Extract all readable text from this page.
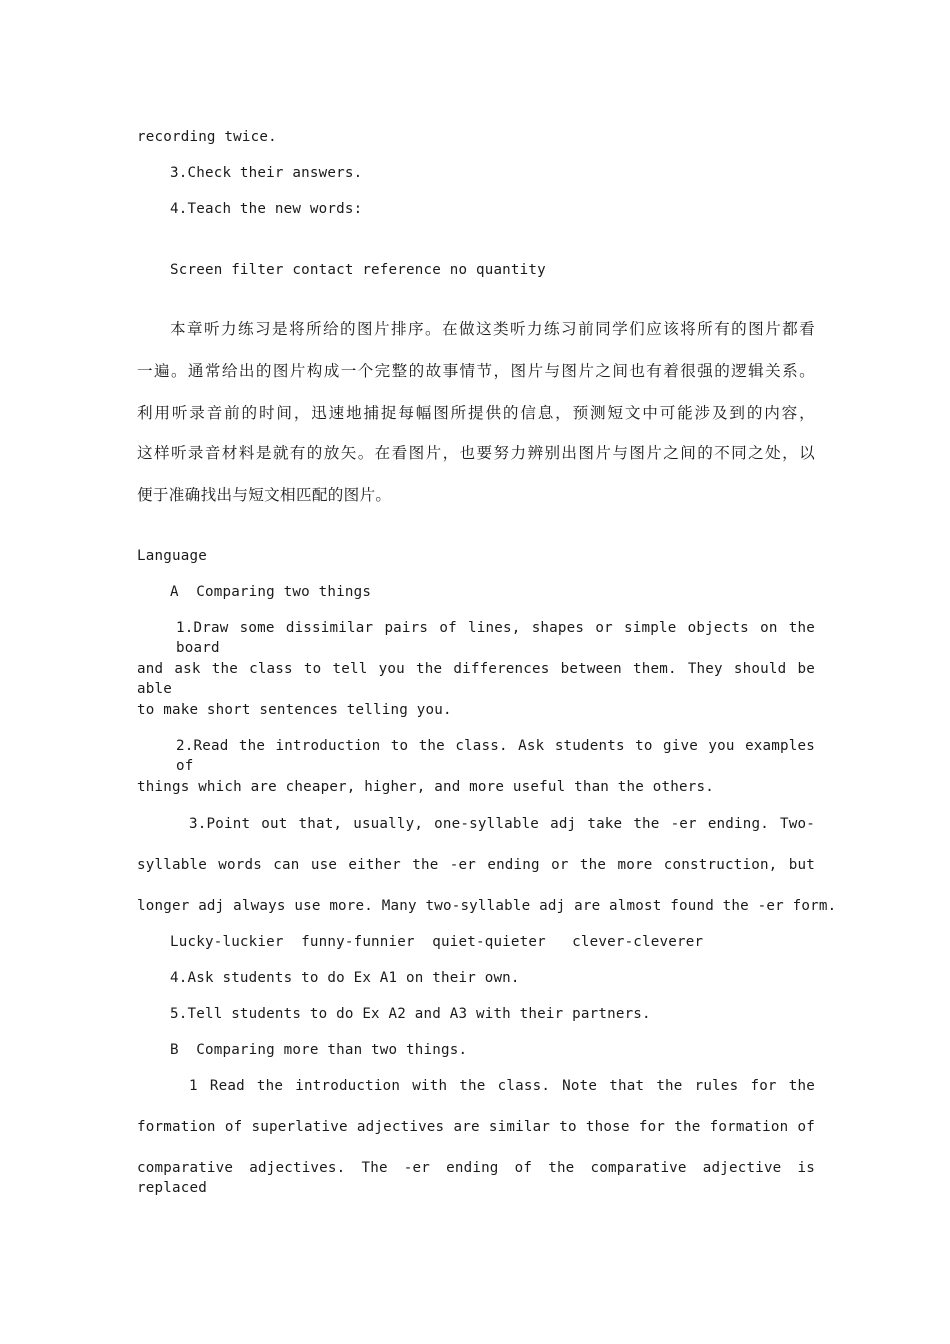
recording twice.
3.Check their answers.
4.Teach the new words:
Screen filter contact reference no quantity
本章听力练习是将所给的图片排序。在做这类听力练习前同学们应该将所有的图片都看
一遍。通常给出的图片构成一个完整的故事情节，图片与图片之间也有着很强的逻辑关系。
利用听录音前的时间，迅速地捕捉每幅图所提供的信息，预测短文中可能涉及到的内容，
这样听录音材料是就有的放矢。在看图片，也要努力辨别出图片与图片之间的不同之处，以
便于准确找出与短文相匹配的图片。
Language
A  Comparing two things
1.Draw some dissimilar pairs of lines, shapes or simple objects on the board
and ask the class to tell you the differences between them. They should be able
to make short sentences telling you.
2.Read the introduction to the class. Ask students to give you examples of
things which are cheaper, higher, and more useful than the others.
3.Point out that, usually, one-syllable adj take the -er ending. Two-
syllable words can use either the -er ending or the more construction, but
longer adj always use more. Many two-syllable adj are almost found the -er form.
Lucky-luckier  funny-funnier  quiet-quieter   clever-cleverer
4.Ask students to do Ex A1 on their own.
5.Tell students to do Ex A2 and A3 with their partners.
B  Comparing more than two things.
1 Read the introduction with the class. Note that the rules for the
formation of superlative adjectives are similar to those for the formation of
comparative adjectives. The -er ending of the comparative adjective is replaced
